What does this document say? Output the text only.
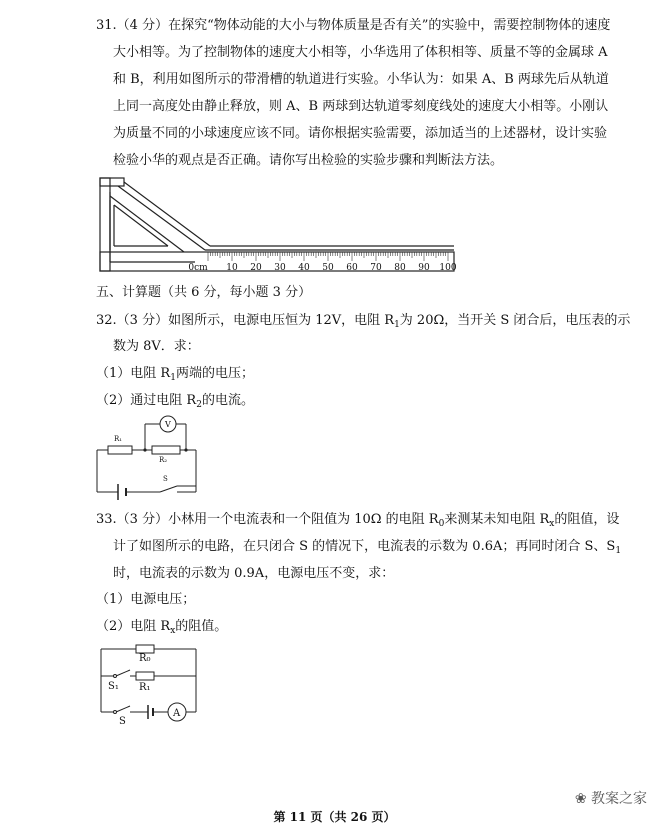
31.（4 分）在探究“物体动能的大小与物体质量是否有关”的实验中，需要控制物体的速度
大小相等。为了控制物体的速度大小相等，小华选用了体积相等、质量不等的金属球 A
和 B，利用如图所示的带滑槽的轨道进行实验。小华认为：如果 A、B 两球先后从轨道
上同一高度处由静止释放，则 A、B 两球到达轨道零刻度线处的速度大小相等。小刚认
为质量不同的小球速度应该不同。请你根据实验需要，添加适当的上述器材，设计实验
检验小华的观点是否正确。请你写出检验的实验步骤和判断法方法。
0cm 10 20 30 40 50 60 70 80 90 100
五、计算题（共 6 分，每小题 3 分）
32.（3 分）如图所示，电源电压恒为 12V，电阻 $R_1$为 20Ω，当开关 S 闭合后，电压表的示
数为 8V．求：
（1）电阻 $R_1$两端的电压；
（2）通过电阻 $R_2$的电流。
R₁
R₂
V
S
33.（3 分）小林用一个电流表和一个阻值为 10Ω 的电阻 $R_0$来测某未知电阻 $R_x$的阻值，设
计了如图所示的电路，在只闭合 S 的情况下，电流表的示数为 0.6A；再同时闭合 S、$S_1$
时，电流表的示数为 0.9A，电源电压不变，求：
（1）电源电压；
（2）电阻 $R_x$的阻值。
R₀
R₁
S₁
S
A
❀ 教案之家
第 11 页（共 26 页）
